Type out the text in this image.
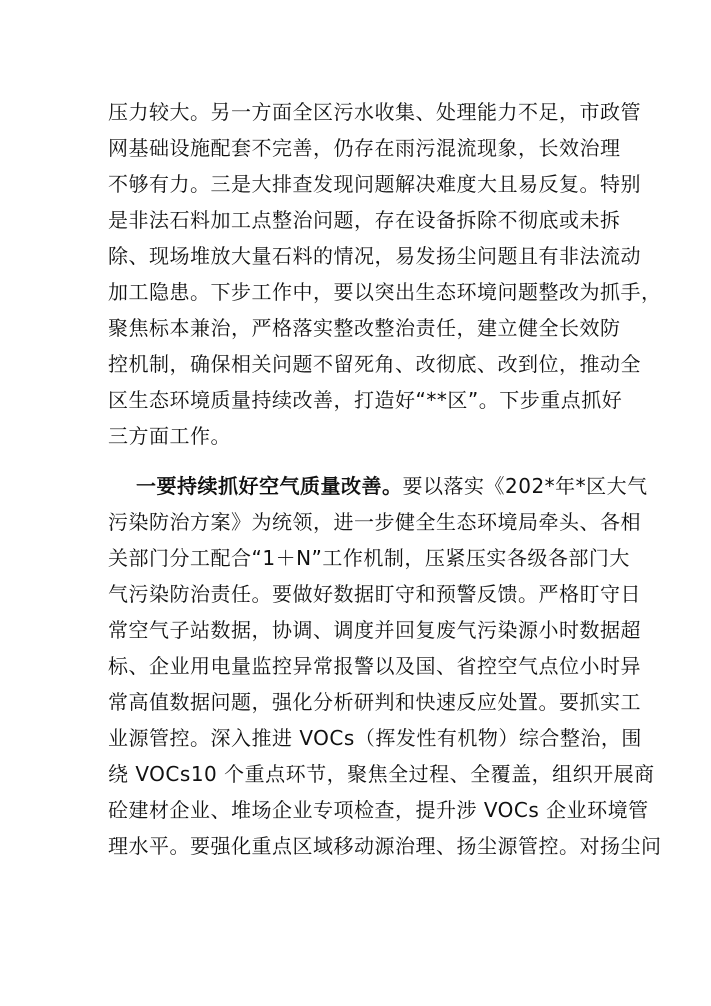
压力较大。另一方面全区污水收集、处理能力不足，市政管
网基础设施配套不完善，仍存在雨污混流现象，长效治理
不够有力。三是大排查发现问题解决难度大且易反复。特别
是非法石料加工点整治问题，存在设备拆除不彻底或未拆
除、现场堆放大量石料的情况，易发扬尘问题且有非法流动
加工隐患。下步工作中，要以突出生态环境问题整改为抓手，
聚焦标本兼治，严格落实整改整治责任，建立健全长效防
控机制，确保相关问题不留死角、改彻底、改到位，推动全
区生态环境质量持续改善，打造好“**区”。下步重点抓好
三方面工作。
一要持续抓好空气质量改善。要以落实《202*年*区大气
污染防治方案》为统领，进一步健全生态环境局牵头、各相
关部门分工配合“1＋N”工作机制，压紧压实各级各部门大
气污染防治责任。要做好数据盯守和预警反馈。严格盯守日
常空气子站数据，协调、调度并回复废气污染源小时数据超
标、企业用电量监控异常报警以及国、省控空气点位小时异
常高值数据问题，强化分析研判和快速反应处置。要抓实工
业源管控。深入推进 VOCs（挥发性有机物）综合整治，围
绕 VOCs10 个重点环节，聚焦全过程、全覆盖，组织开展商
砼建材企业、堆场企业专项检查，提升涉 VOCs 企业环境管
理水平。要强化重点区域移动源治理、扬尘源管控。对扬尘问
